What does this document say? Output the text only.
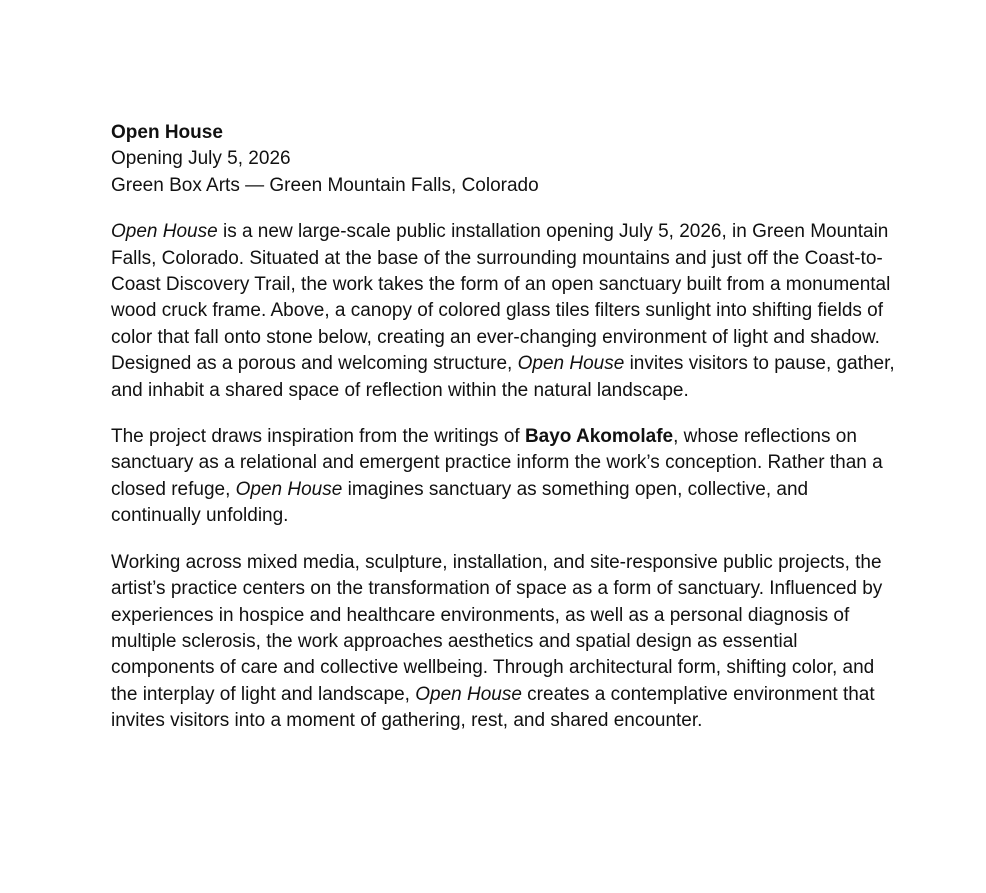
Open House
Opening July 5, 2026
Green Box Arts — Green Mountain Falls, Colorado

Open House is a new large-scale public installation opening July 5, 2026, in Green Mountain Falls, Colorado. Situated at the base of the surrounding mountains and just off the Coast-to-Coast Discovery Trail, the work takes the form of an open sanctuary built from a monumental wood cruck frame. Above, a canopy of colored glass tiles filters sunlight into shifting fields of color that fall onto stone below, creating an ever-changing environment of light and shadow. Designed as a porous and welcoming structure, Open House invites visitors to pause, gather, and inhabit a shared space of reflection within the natural landscape.

The project draws inspiration from the writings of Bayo Akomolafe, whose reflections on sanctuary as a relational and emergent practice inform the work’s conception. Rather than a closed refuge, Open House imagines sanctuary as something open, collective, and continually unfolding.

Working across mixed media, sculpture, installation, and site-responsive public projects, the artist’s practice centers on the transformation of space as a form of sanctuary. Influenced by experiences in hospice and healthcare environments, as well as a personal diagnosis of multiple sclerosis, the work approaches aesthetics and spatial design as essential components of care and collective wellbeing. Through architectural form, shifting color, and the interplay of light and landscape, Open House creates a contemplative environment that invites visitors into a moment of gathering, rest, and shared encounter.
